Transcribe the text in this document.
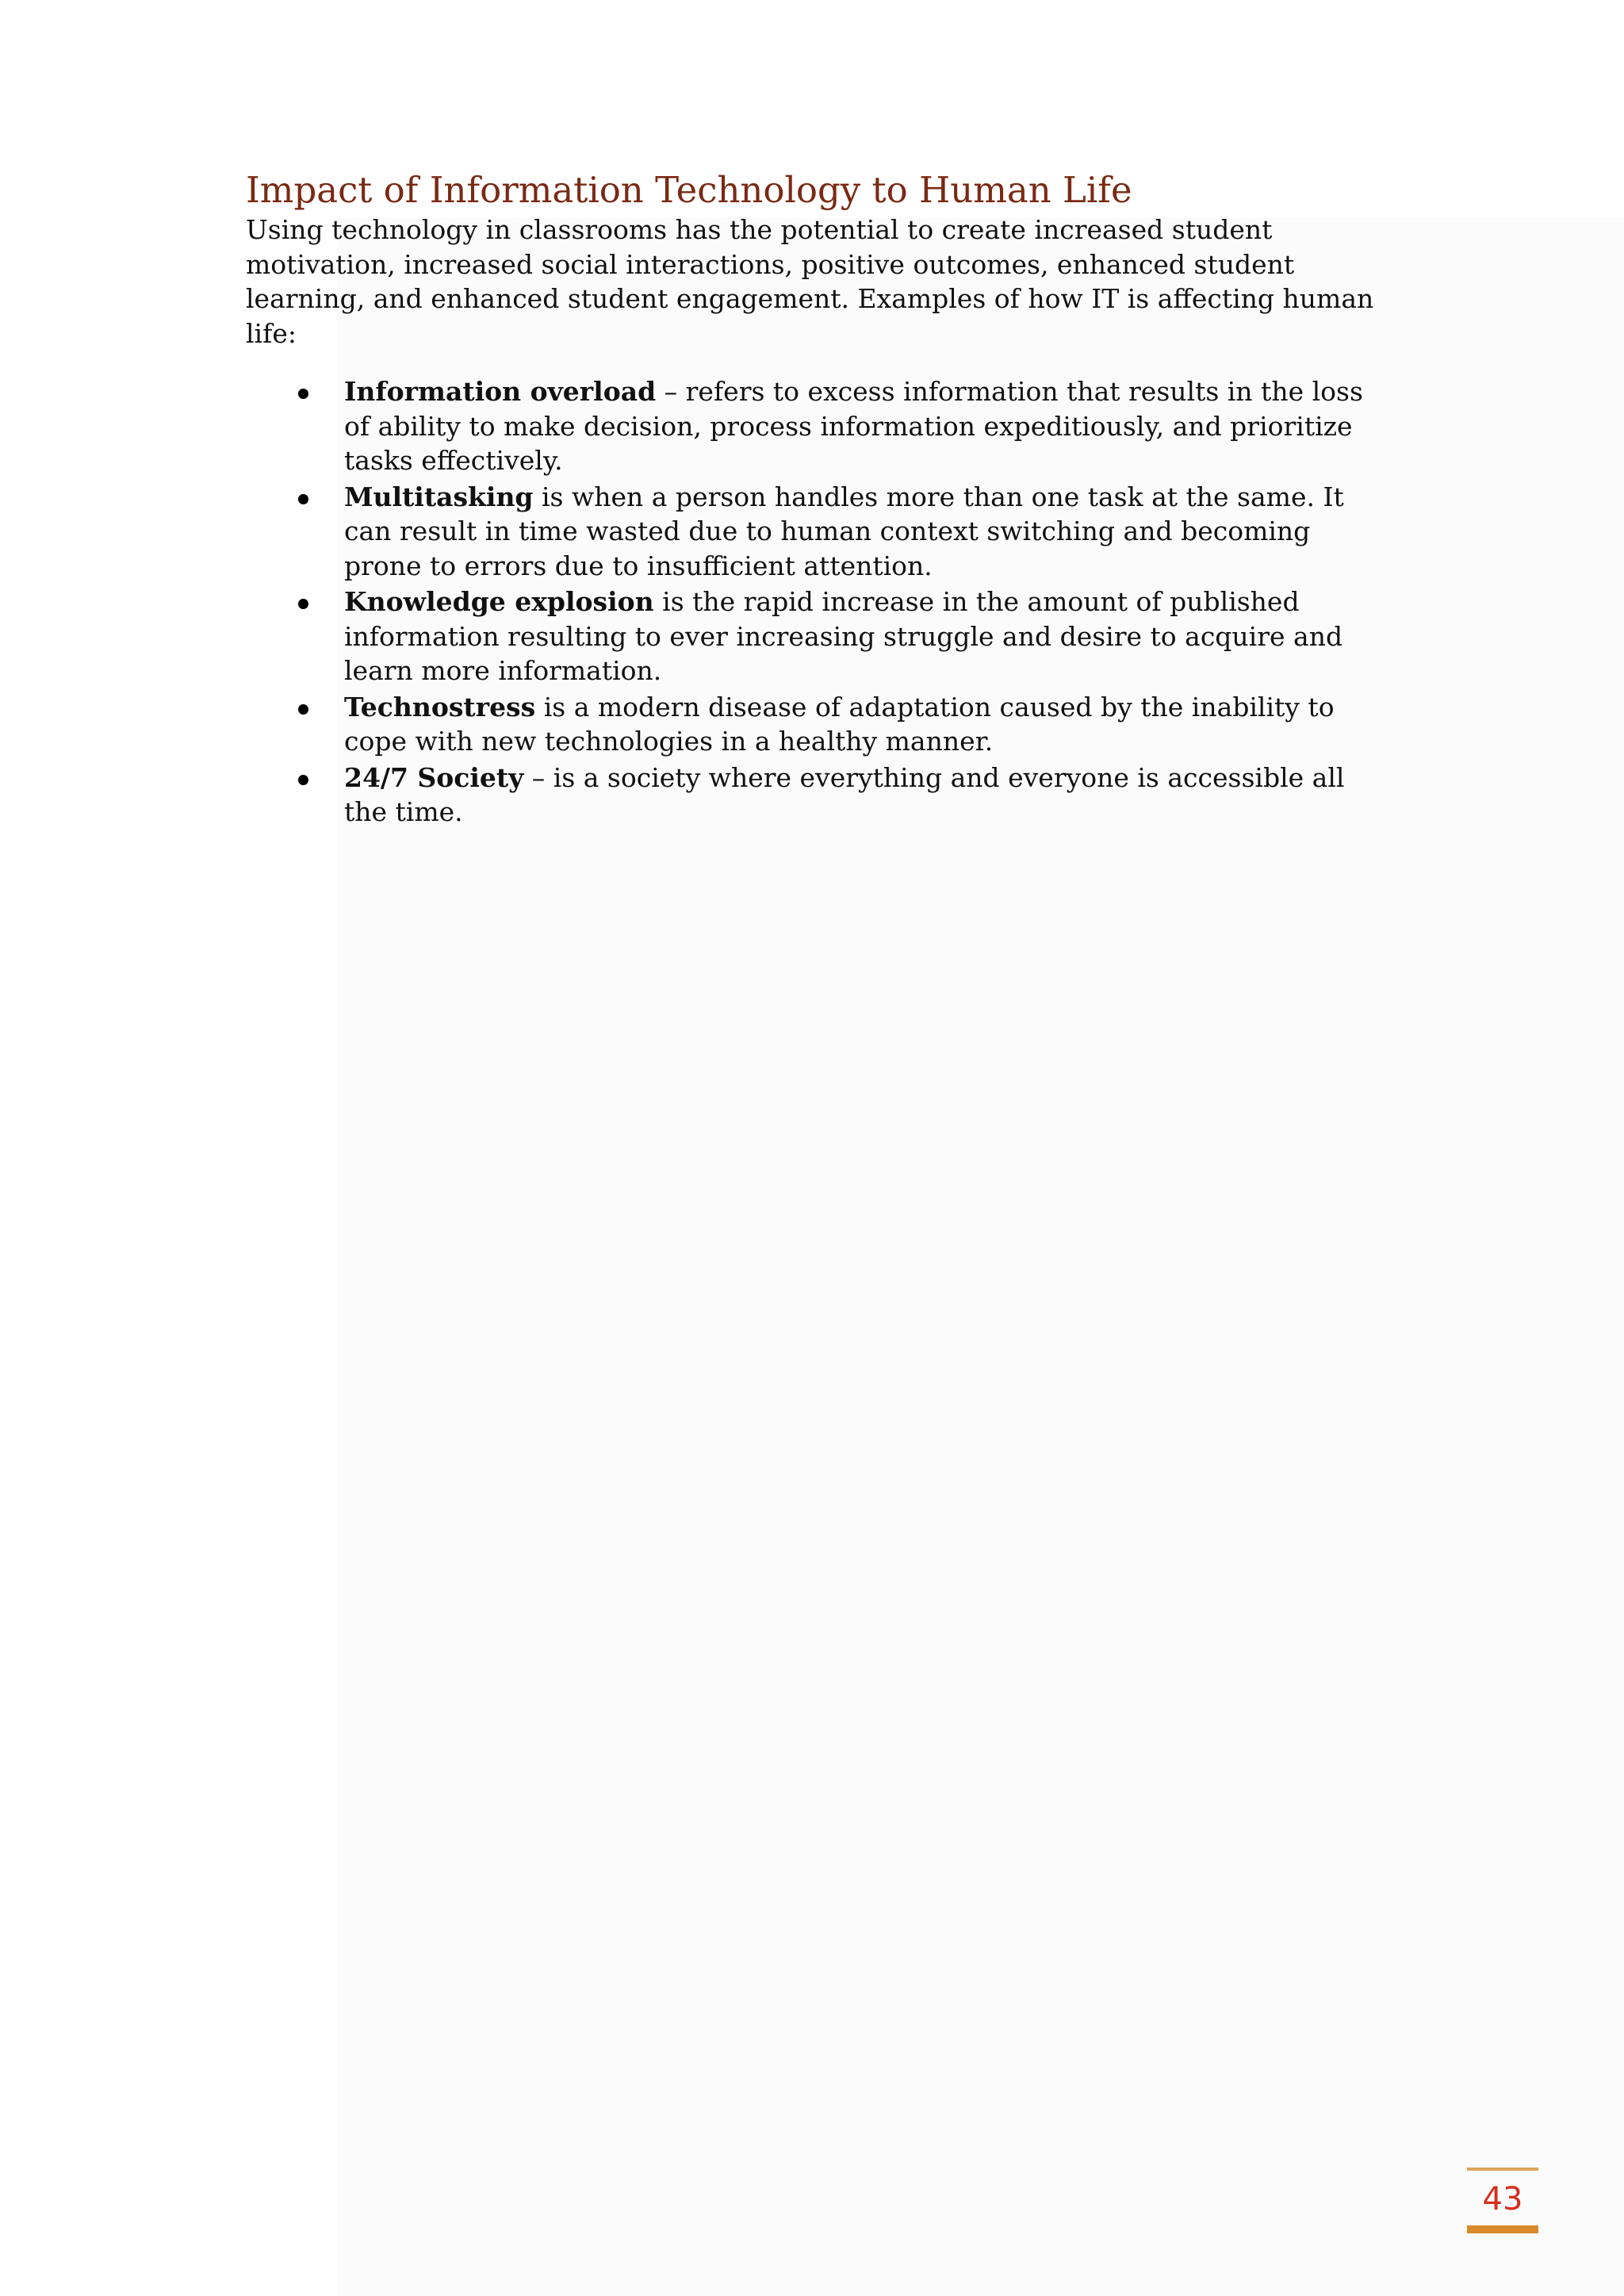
Impact of Information Technology to Human Life

Using technology in classrooms has the potential to create increased student motivation, increased social interactions, positive outcomes, enhanced student learning, and enhanced student engagement. Examples of how IT is affecting human life:

Information overload – refers to excess information that results in the loss of ability to make decision, process information expeditiously, and prioritize tasks effectively.
Multitasking is when a person handles more than one task at the same. It can result in time wasted due to human context switching and becoming prone to errors due to insufficient attention.
Knowledge explosion is the rapid increase in the amount of published information resulting to ever increasing struggle and desire to acquire and learn more information.
Technostress is a modern disease of adaptation caused by the inability to cope with new technologies in a healthy manner.
24/7 Society – is a society where everything and everyone is accessible all the time.
43
